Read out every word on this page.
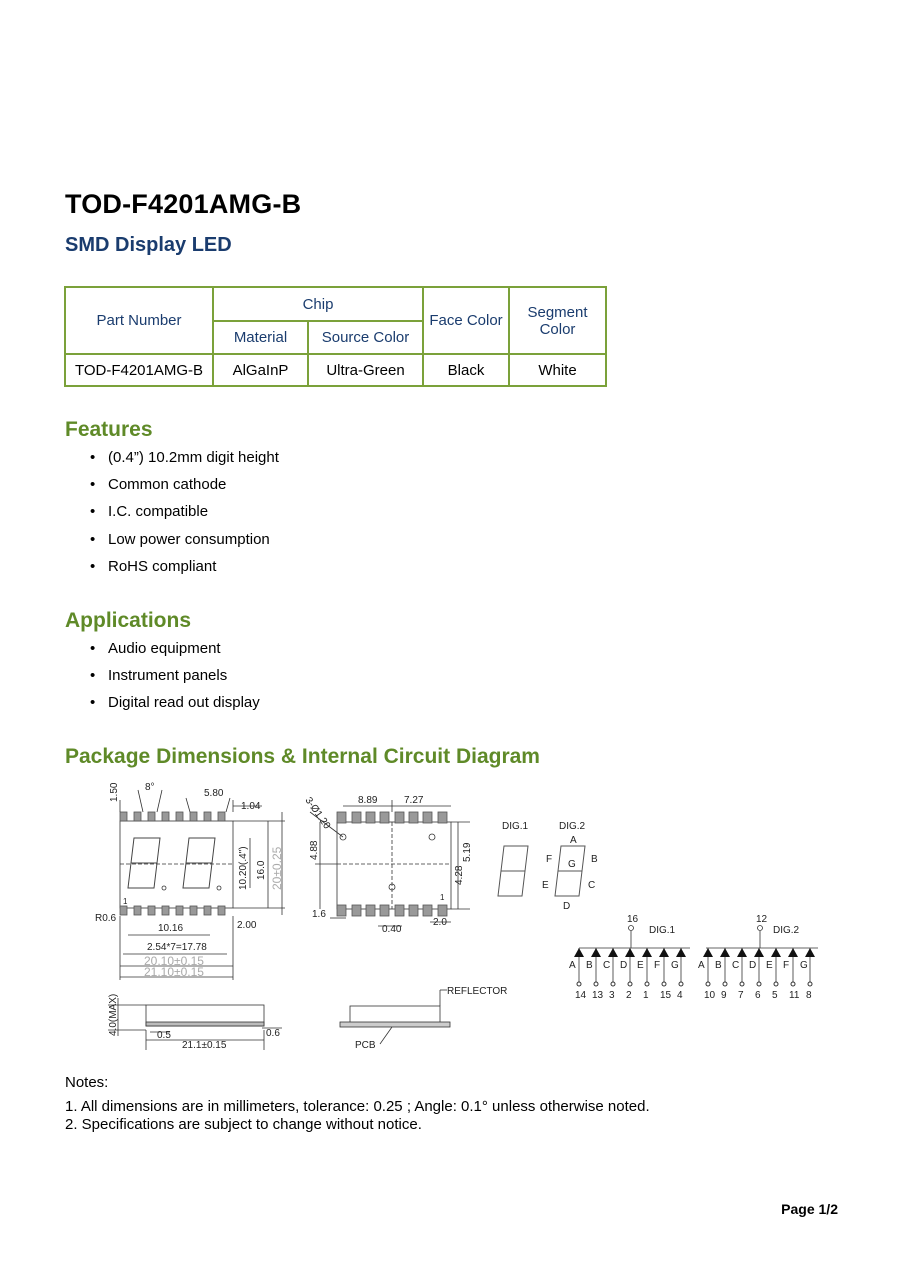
TOD-F4201AMG-B
SMD Display LED
Part Number	Chip		Face Color	Segment Color
	Material	Source Color		
TOD-F4201AMG-B	AlGaInP	Ultra-Green	Black	White
Features
• (0.4”) 10.2mm digit height
• Common cathode
• I.C. compatible
• Low power consumption
• RoHS compliant
Applications
• Audio equipment
• Instrument panels
• Digital read out display
Package Dimensions & Internal Circuit Diagram
1.50	8°
5.80
1.04
10.20(.4") 16.0 20±0.25
R0.6
1
10.16	2.00
2.54*7=17.78
20.10±0.15
21.10±0.15
3-Ø1.20	8.89	7.27
4.88	5.19
4.28
1.6
0.40
2.0
1
4.0(MAX)	0.5	0.6
21.1±0.15
REFLECTOR
PCB
DIG.1	DIG.2
A
B
C
D
E
F G
16	12
DIG.1	DIG.2
A
14
B
13
C
3
D
2
E
1
F
15
G
4
A
10
B
9
C
7
D
6
E
5
F
11
G
8
Notes:
1. All dimensions are in millimeters, tolerance: 0.25 ; Angle: 0.1° unless otherwise noted.
2. Specifications are subject to change without notice.
Page 1/2
